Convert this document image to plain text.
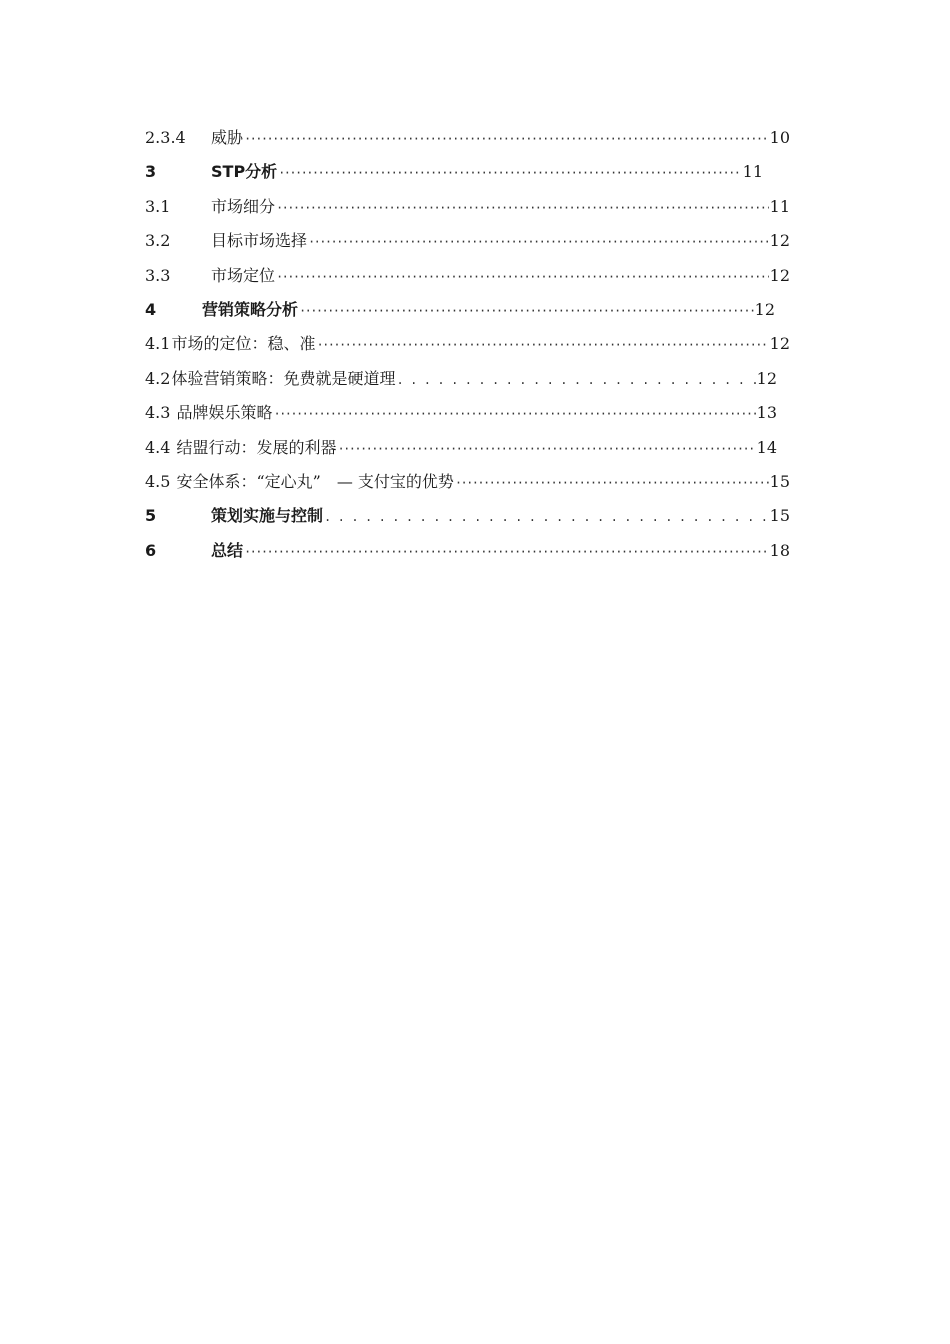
2.3.4	威胁 ·····	10
3	STP分析 ·····	11
3.1	市场细分 ·····	11
3.2	目标市场选择 ·····	12
3.3	市场定位 ·····	12
4	营销策略分析 ·····	12
4.1 市场的定位：稳、准 ·····	12
4.2 体验营销策略：免费就是硬道理 . . .	12
4.3 品牌娱乐策略 ·····	13
4.4 结盟行动：发展的利器 ·····	14
4.5 安全体系：“定心丸”　— 支付宝的优势 ·····	15
5	策划实施与控制 . . .	15
6	总结 ·····	18
